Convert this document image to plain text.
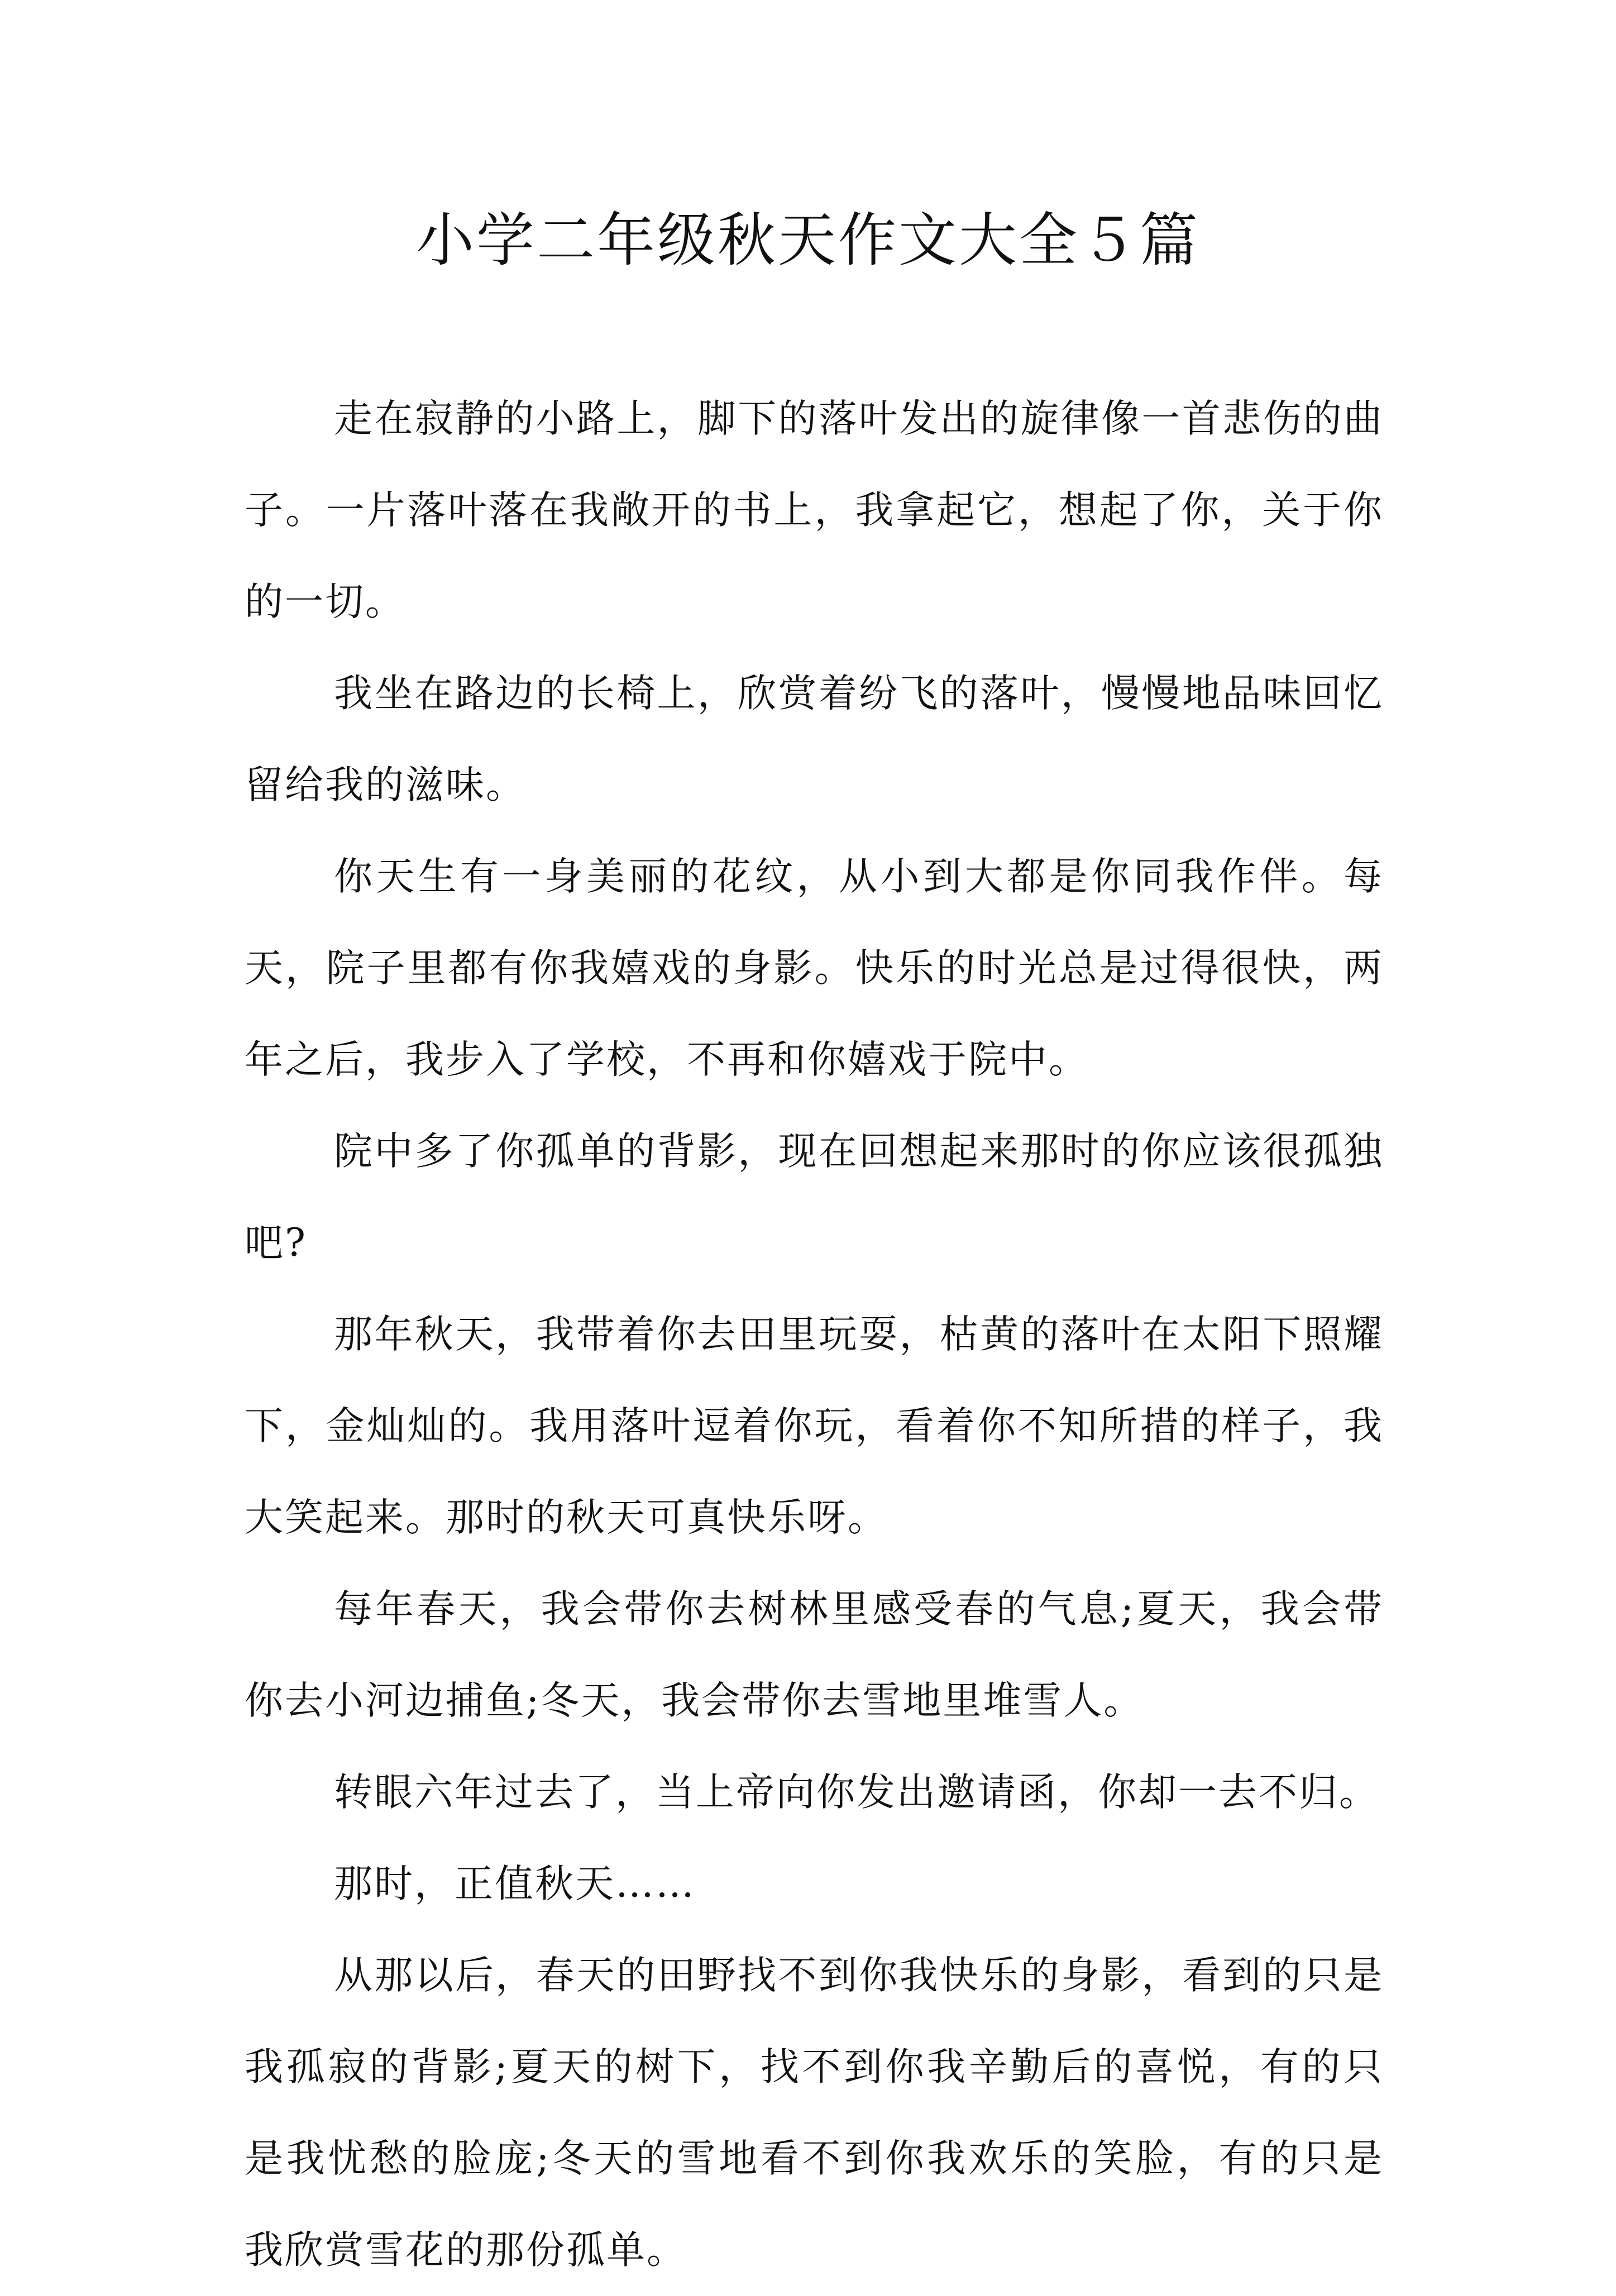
小学二年级秋天作文大全５篇

走在寂静的小路上，脚下的落叶发出的旋律像一首悲伤的曲子。一片落叶落在我敞开的书上，我拿起它，想起了你，关于你的一切。

我坐在路边的长椅上，欣赏着纷飞的落叶，慢慢地品味回忆留给我的滋味。

你天生有一身美丽的花纹，从小到大都是你同我作伴。每天，院子里都有你我嬉戏的身影。快乐的时光总是过得很快，两年之后，我步入了学校，不再和你嬉戏于院中。

院中多了你孤单的背影，现在回想起来那时的你应该很孤独吧?

那年秋天，我带着你去田里玩耍，枯黄的落叶在太阳下照耀下，金灿灿的。我用落叶逗着你玩，看着你不知所措的样子，我大笑起来。那时的秋天可真快乐呀。

每年春天，我会带你去树林里感受春的气息;夏天，我会带你去小河边捕鱼;冬天，我会带你去雪地里堆雪人。

转眼六年过去了，当上帝向你发出邀请函，你却一去不归。

那时，正值秋天……

从那以后，春天的田野找不到你我快乐的身影，看到的只是我孤寂的背影;夏天的树下，找不到你我辛勤后的喜悦，有的只是我忧愁的脸庞;冬天的雪地看不到你我欢乐的笑脸，有的只是我欣赏雪花的那份孤单。
